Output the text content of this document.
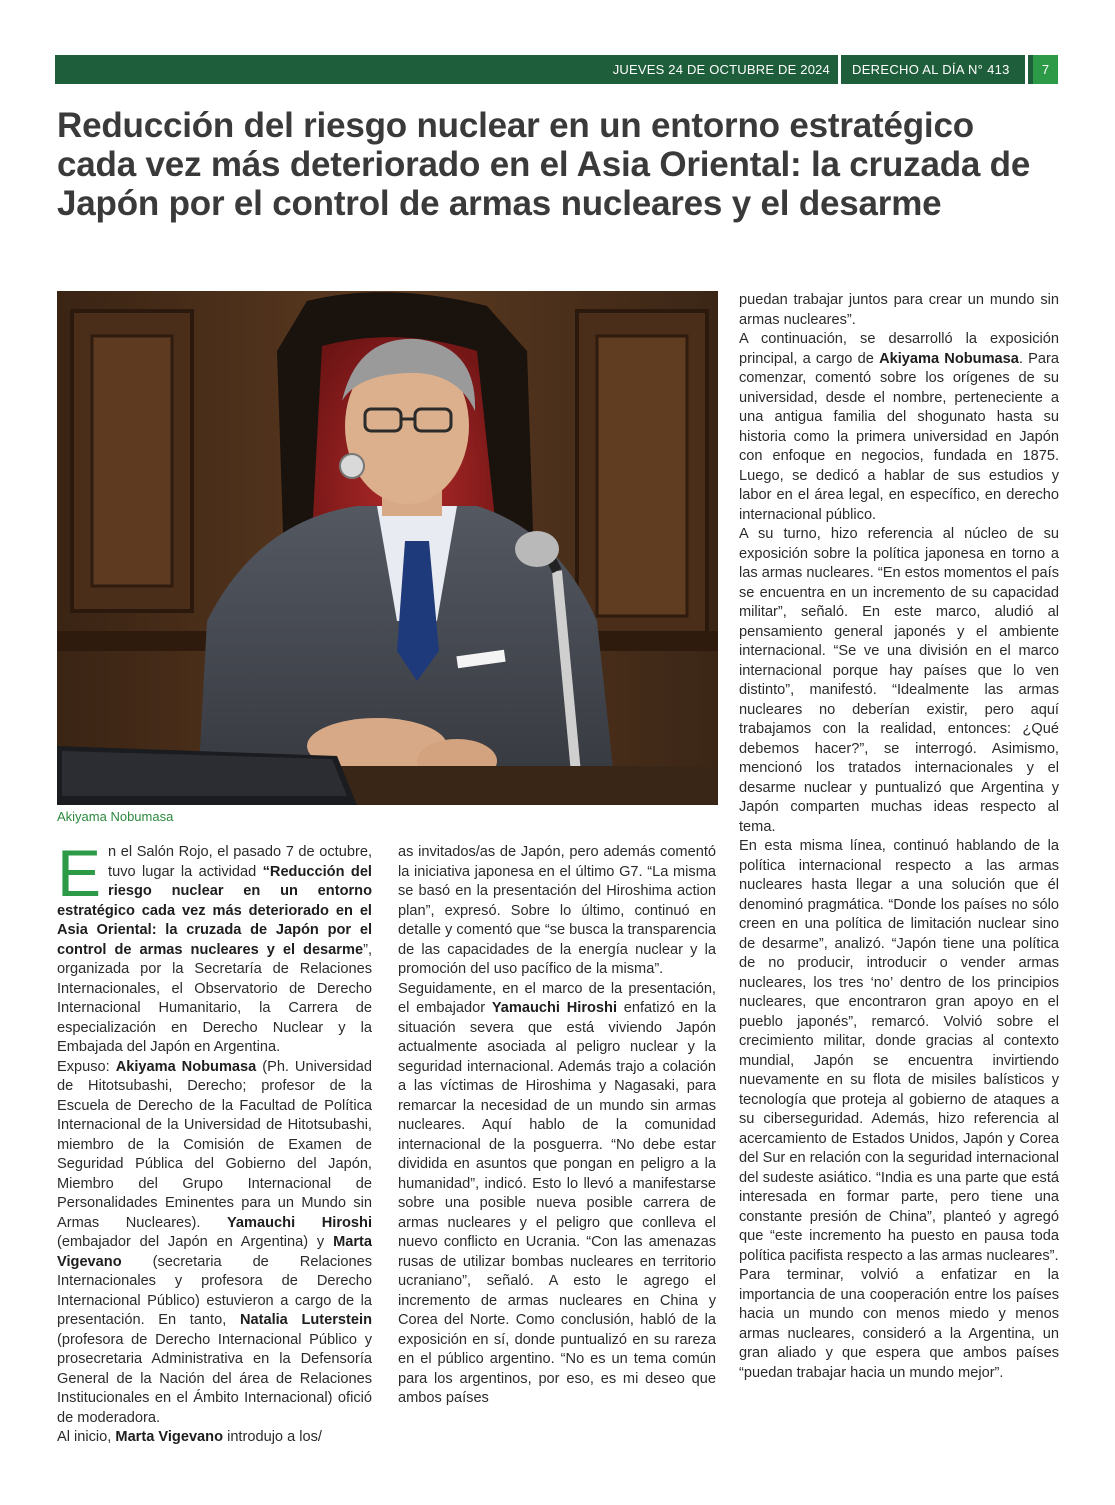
JUEVES 24 DE OCTUBRE DE 2024 DERECHO AL DÍA N° 413	7
Reducción del riesgo nuclear en un entorno estratégico cada vez más deteriorado en el Asia Oriental: la cruzada de Japón por el control de armas nucleares y el desarme
Akiyama Nobumasa
E n el Salón Rojo, el pasado 7 de octubre, tuvo lugar la actividad “Reducción del riesgo nuclear en un entorno estratégico cada vez más deteriorado en el Asia Oriental: la cruzada de Japón por el control de armas nucleares y el desarme”, organizada por la Secretaría de Relaciones Internacionales, el Observatorio de Derecho Internacional Humanitario, la Carrera de especialización en Derecho Nuclear y la Embajada del Japón en Argentina.

Expuso: Akiyama Nobumasa (Ph. Universidad de Hitotsubashi, Derecho; profesor de la Escuela de Derecho de la Facultad de Política Internacional de la Universidad de Hitotsubashi, miembro de la Comisión de Examen de Seguridad Pública del Gobierno del Japón, Miembro del Grupo Internacional de Personalidades Eminentes para un Mundo sin Armas Nucleares). Yamauchi Hiroshi (embajador del Japón en Argentina) y Marta Vigevano (secretaria de Relaciones Internacionales y profesora de Derecho Internacional Público) estuvieron a cargo de la presentación. En tanto, Natalia Luterstein (profesora de Derecho Internacional Público y prosecretaria Administrativa en la Defensoría General de la Nación del área de Relaciones Institucionales en el Ámbito Internacional) ofició de moderadora.

Al inicio, Marta Vigevano introdujo a los/

as invitados/as de Japón, pero además comentó la iniciativa japonesa en el último G7. “La misma se basó en la presentación del Hiroshima action plan”, expresó. Sobre lo último, continuó en detalle y comentó que “se busca la transparencia de las capacidades de la energía nuclear y la promoción del uso pacífico de la misma”.

Seguidamente, en el marco de la presentación, el embajador Yamauchi Hiroshi enfatizó en la situación severa que está viviendo Japón actualmente asociada al peligro nuclear y la seguridad internacional. Además trajo a colación a las víctimas de Hiroshima y Nagasaki, para remarcar la necesidad de un mundo sin armas nucleares. Aquí hablo de la comunidad internacional de la posguerra. “No debe estar dividida en asuntos que pongan en peligro a la humanidad”, indicó. Esto lo llevó a manifestarse sobre una posible nueva posible carrera de armas nucleares y el peligro que conlleva el nuevo conflicto en Ucrania. “Con las amenazas rusas de utilizar bombas nucleares en territorio ucraniano”, señaló. A esto le agrego el incremento de armas nucleares en China y Corea del Norte. Como conclusión, habló de la exposición en sí, donde puntualizó en su rareza en el público argentino. “No es un tema común para los argentinos, por eso, es mi deseo que ambos países

puedan trabajar juntos para crear un mundo sin armas nucleares”.

A continuación, se desarrolló la exposición principal, a cargo de Akiyama Nobumasa. Para comenzar, comentó sobre los orígenes de su universidad, desde el nombre, perteneciente a una antigua familia del shogunato hasta su historia como la primera universidad en Japón con enfoque en negocios, fundada en 1875. Luego, se dedicó a hablar de sus estudios y labor en el área legal, en específico, en derecho internacional público.

A su turno, hizo referencia al núcleo de su exposición sobre la política japonesa en torno a las armas nucleares. “En estos momentos el país se encuentra en un incremento de su capacidad militar”, señaló. En este marco, aludió al pensamiento general japonés y el ambiente internacional. “Se ve una división en el marco internacional porque hay países que lo ven distinto”, manifestó. “Idealmente las armas nucleares no deberían existir, pero aquí trabajamos con la realidad, entonces: ¿Qué debemos hacer?”, se interrogó. Asimismo, mencionó los tratados internacionales y el desarme nuclear y puntualizó que Argentina y Japón comparten muchas ideas respecto al tema.

En esta misma línea, continuó hablando de la política internacional respecto a las armas nucleares hasta llegar a una solución que él denominó pragmática. “Donde los países no sólo creen en una política de limitación nuclear sino de desarme”, analizó. “Japón tiene una política de no producir, introducir o vender armas nucleares, los tres ‘no’ dentro de los principios nucleares, que encontraron gran apoyo en el pueblo japonés”, remarcó. Volvió sobre el crecimiento militar, donde gracias al contexto mundial, Japón se encuentra invirtiendo nuevamente en su flota de misiles balísticos y tecnología que proteja al gobierno de ataques a su ciberseguridad. Además, hizo referencia al acercamiento de Estados Unidos, Japón y Corea del Sur en relación con la seguridad internacional del sudeste asiático. “India es una parte que está interesada en formar parte, pero tiene una constante presión de China”, planteó y agregó que “este incremento ha puesto en pausa toda política pacifista respecto a las armas nucleares”.

Para terminar, volvió a enfatizar en la importancia de una cooperación entre los países hacia un mundo con menos miedo y menos armas nucleares, consideró a la Argentina, un gran aliado y que espera que ambos países “puedan trabajar hacia un mundo mejor”.
